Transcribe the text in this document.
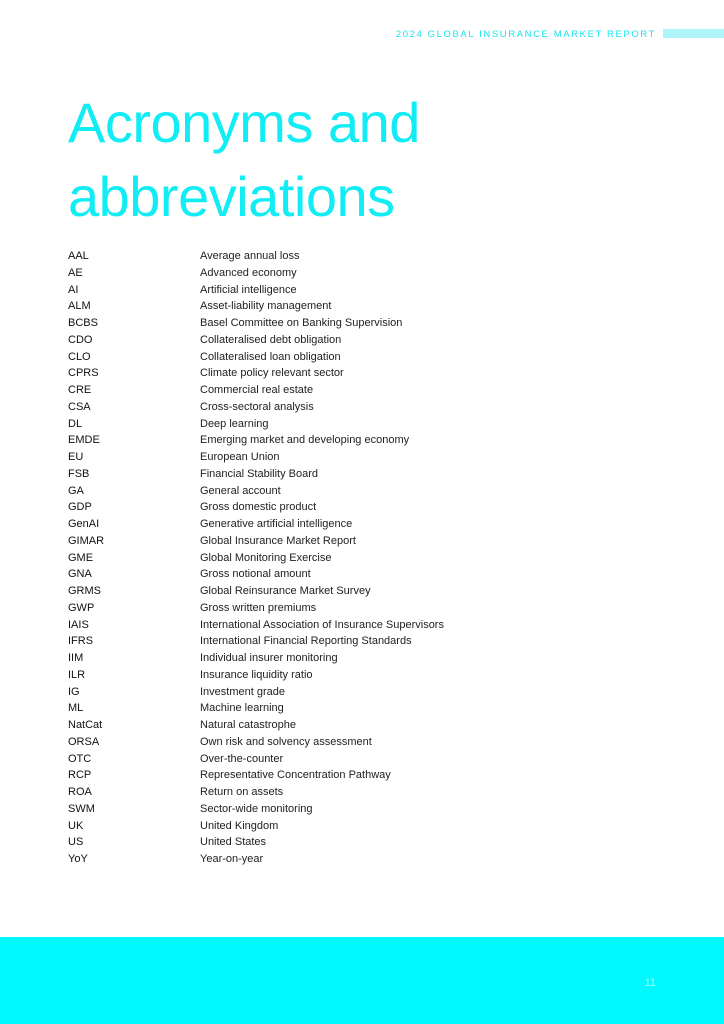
2024 GLOBAL INSURANCE MARKET REPORT
Acronyms and
abbreviations
AAL	Average annual loss
AE	Advanced economy
AI	Artificial intelligence
ALM	Asset-liability management
BCBS	Basel Committee on Banking Supervision
CDO	Collateralised debt obligation
CLO	Collateralised loan obligation
CPRS	Climate policy relevant sector
CRE	Commercial real estate
CSA	Cross-sectoral analysis
DL	Deep learning
EMDE	Emerging market and developing economy
EU	European Union
FSB	Financial Stability Board
GA	General account
GDP	Gross domestic product
GenAI	Generative artificial intelligence
GIMAR	Global Insurance Market Report
GME	Global Monitoring Exercise
GNA	Gross notional amount
GRMS	Global Reinsurance Market Survey
GWP	Gross written premiums
IAIS	International Association of Insurance Supervisors
IFRS	International Financial Reporting Standards
IIM	Individual insurer monitoring
ILR	Insurance liquidity ratio
IG	Investment grade
ML	Machine learning
NatCat	Natural catastrophe
ORSA	Own risk and solvency assessment
OTC	Over-the-counter
RCP	Representative Concentration Pathway
ROA	Return on assets
SWM	Sector-wide monitoring
UK	United Kingdom
US	United States
YoY	Year-on-year
11
